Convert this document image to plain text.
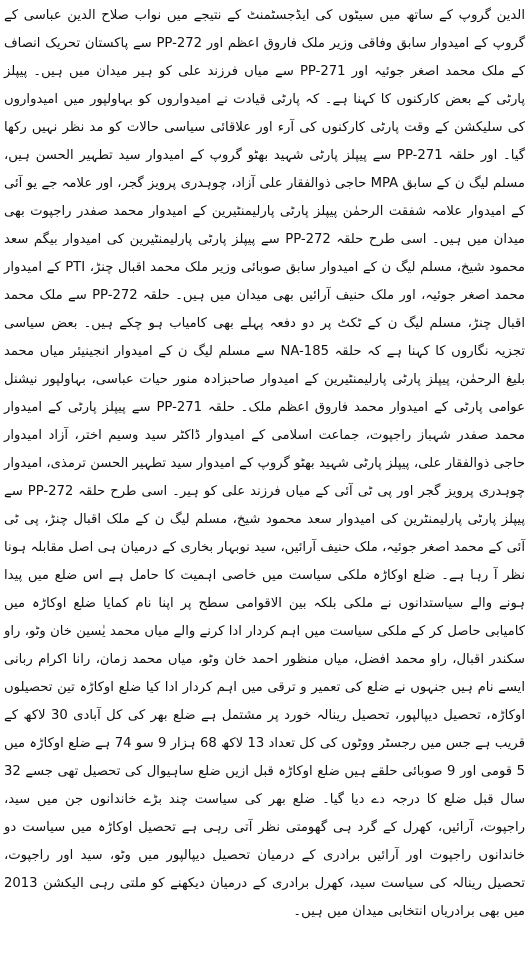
الدین گروپ کے ساتھ میں سیٹوں کی ایڈجسٹمنٹ کے نتیجے میں نواب صلاح الدین عباسی کے گروپ کے امیدوار سابق وفاقی وزیر ملک فاروق اعظم اور PP-272 سے پاکستان تحریک انصاف کے ملک محمد اصغر جوئیہ اور PP-271 سے میاں فرزند علی کو ہیر میدان میں ہیں۔ پیپلز پارٹی کے بعض کارکنوں کا کہنا ہے۔ کہ پارٹی قیادت نے امیدواروں کو بہاولپور میں امیدواروں کی سلیکشن کے وقت پارٹی کارکنوں کی آرء اور علاقائی سیاسی حالات کو مد نظر نہیں رکھا گیا۔ اور حلقہ PP-271 سے پیپلز پارٹی شہید بھٹو گروپ کے امیدوار سید تطہیر الحسن ہیں، مسلم لیگ ن کے سابق MPA حاجی ذوالفقار علی آزاد، چوہدری پرویز گجر، اور علامہ جے یو آئی کے امیدوار علامہ شفقت الرحمٰن پیپلز پارٹی پارلیمنٹیرین کے امیدوار محمد صفدر راجپوت بھی میدان میں ہیں۔ اسی طرح حلقہ PP-272 سے پیپلز پارٹی پارلیمنٹیرین کی امیدوار بیگم سعد محمود شیخ، مسلم لیگ ن کے امیدوار سابق صوبائی وزیر ملک محمد اقبال چنڑ، PTI کے امیدوار محمد اصغر جوئیہ، اور ملک حنیف آرائیں بھی میدان میں ہیں۔ حلقہ PP-272 سے ملک محمد اقبال چنڑ، مسلم لیگ ن کے ٹکٹ پر دو دفعہ پہلے بھی کامیاب ہو چکے ہیں۔ بعض سیاسی تجزیہ نگاروں کا کہنا ہے کہ حلقہ NA-185 سے مسلم لیگ ن کے امیدوار انجینیئر میاں محمد بلیغ الرحمٰن، پیپلز پارٹی پارلیمنٹیرین کے امیدوار صاحبزادہ منور حیات عباسی، بہاولپور نیشنل عوامی پارٹی کے امیدوار محمد فاروق اعظم ملک۔ حلقہ PP-271 سے پیپلز پارٹی کے امیدوار محمد صفدر شہباز راجپوت، جماعت اسلامی کے امیدوار ڈاکٹر سید وسیم اختر، آزاد امیدوار حاجی ذوالفقار علی، پیپلز پارٹی شہید بھٹو گروپ کے امیدوار سید تطہیر الحسن ترمذی، امیدوار چوہدری پرویز گجر اور پی ٹی آئی کے میاں فرزند علی کو ہیر۔ اسی طرح حلقہ PP-272 سے پیپلز پارٹی پارلیمنٹرین کی امیدوار سعد محمود شیخ، مسلم لیگ ن کے ملک اقبال چنڑ، پی ٹی آئی کے محمد اصغر جوئیہ، ملک حنیف آرائیں، سید نوبہار بخاری کے درمیان ہی اصل مقابلہ ہونا نظر آ رہا ہے۔ ضلع اوکاڑہ ملکی سیاست میں خاصی اہمیت کا حامل ہے اس ضلع میں پیدا ہونے والے سیاستدانوں نے ملکی بلکہ بین الاقوامی سطح پر اپنا نام کمایا ضلع اوکاڑہ میں کامیابی حاصل کر کے ملکی سیاست میں اہم کردار ادا کرنے والے میاں محمد یٰسین خان وٹو، راو سکندر اقبال، راو محمد افضل، میاں منظور احمد خان وٹو، میاں محمد زمان، رانا اکرام ربانی ایسے نام ہیں جنہوں نے ضلع کی تعمیر و ترقی میں اہم کردار ادا کیا ضلع اوکاڑہ تین تحصیلوں اوکاڑہ، تحصیل دیپالپور، تحصیل رینالہ خورد پر مشتمل ہے ضلع بھر کی کل آبادی 30 لاکھ کے قریب ہے جس میں رجسٹر ووٹوں کی کل تعداد 13 لاکھ 68 ہزار 9 سو 74 ہے ضلع اوکاڑہ میں 5 قومی اور 9 صوبائی حلقے ہیں ضلع اوکاڑہ قبل ازیں ضلع ساہیوال کی تحصیل تھی جسے 32 سال قبل ضلع کا درجہ دے دیا گیا۔ ضلع بھر کی سیاست چند بڑے خاندانوں جن میں سید، راجپوت، آرائیں، کھرل کے گرد ہی گھومتی نظر آتی رہی ہے تحصیل اوکاڑہ میں سیاست دو خاندانوں راجپوت اور آرائیں برادری کے درمیان تحصیل دیپالپور میں وٹو، سید اور راجپوت، تحصیل رینالہ کی سیاست سید، کھرل برادری کے درمیان دیکھنے کو ملتی رہی الیکشن 2013 میں بھی برادریاں انتخابی میدان میں ہیں۔
